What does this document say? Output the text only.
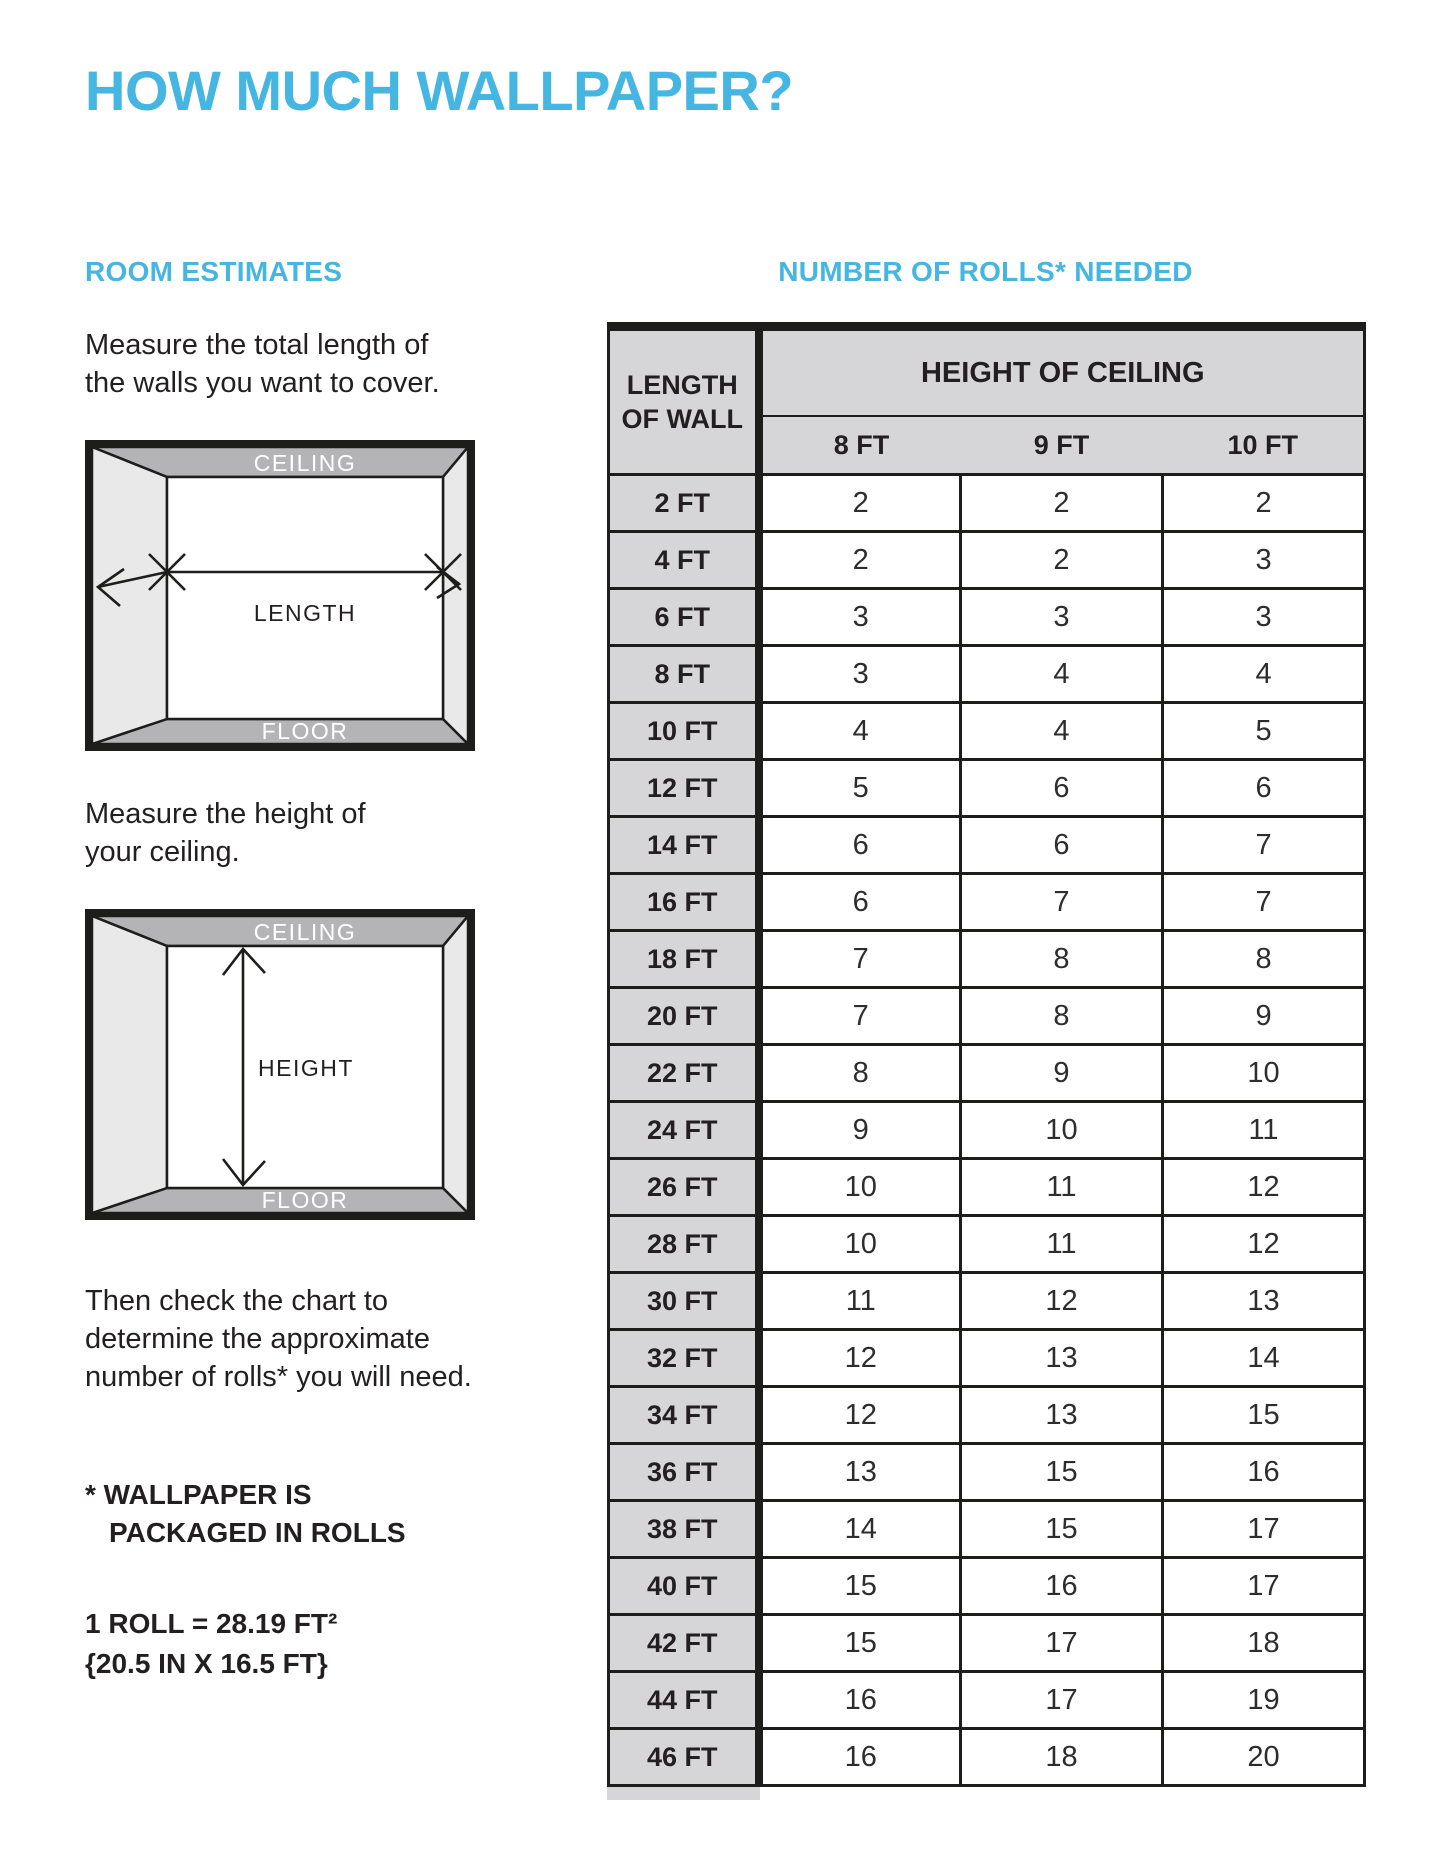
HOW MUCH WALLPAPER?
ROOM ESTIMATES

Measure the total length of
the walls you want to cover.

CEILING
LENGTH
FLOOR

Measure the height of
your ceiling.

CEILING
HEIGHT
FLOOR

Then check the chart to
determine the approximate
number of rolls* you will need.

* WALLPAPER IS
PACKAGED IN ROLLS
1 ROLL = 28.19 FT²
{20.5 IN X 16.5 FT}
NUMBER OF ROLLS* NEEDED
LENGTH OF WALL	HEIGHT OF CEILING		
	8 FT	9 FT	10 FT
2 FT	2	2	2
4 FT	2	2	3
6 FT	3	3	3
8 FT	3	4	4
10 FT	4	4	5
12 FT	5	6	6
14 FT	6	6	7
16 FT	6	7	7
18 FT	7	8	8
20 FT	7	8	9
22 FT	8	9	10
24 FT	9	10	11
26 FT	10	11	12
28 FT	10	11	12
30 FT	11	12	13
32 FT	12	13	14
34 FT	12	13	15
36 FT	13	15	16
38 FT	14	15	17
40 FT	15	16	17
42 FT	15	17	18
44 FT	16	17	19
46 FT	16	18	20
